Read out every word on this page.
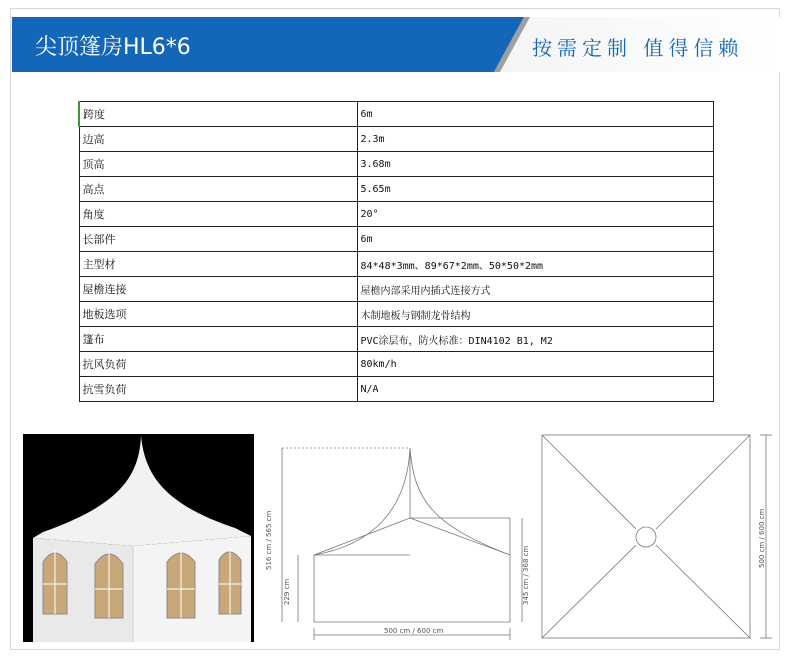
尖顶篷房HL6*6	按需定制 值得信赖
跨度	6m
边高	2.3m
顶高	3.68m
高点	5.65m
角度	20°
长部件	6m
主型材	84*48*3mm、89*67*2mm、50*50*2mm
屋檐连接	屋檐内部采用内插式连接方式
地板选项	木制地板与钢制龙骨结构
篷布	PVC涂层布，防火标准：DIN4102 B1, M2
抗风负荷	80km/h
抗雪负荷	N/A
516 cm / 565 cm
229 cm	345 cm / 368 cm
500 cm / 600 cm
500 cm / 600 cm
